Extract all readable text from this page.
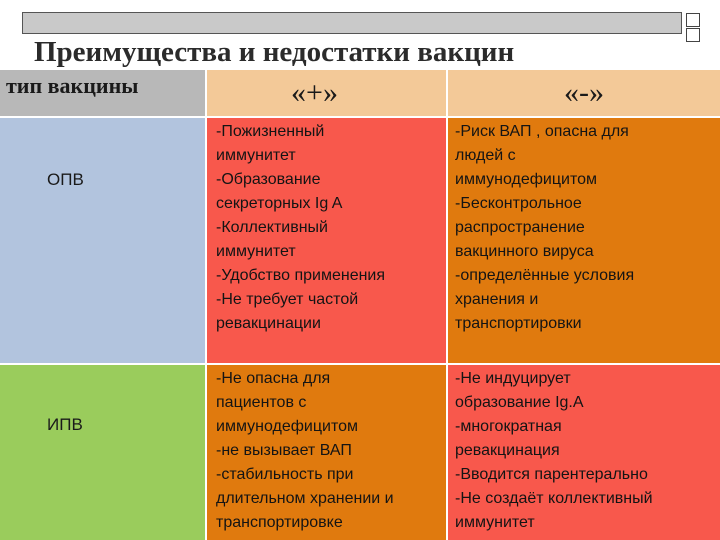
Преимущества и недостатки вакцин
тип вакцины	«+»	«-»
ОПВ
-Пожизненный
иммунитет
-Образование
секреторных Ig A
-Коллективный
иммунитет
-Удобство применения
-Не требует частой
ревакцинации
-Риск ВАП , опасна для
людей с
иммунодефицитом
-Бесконтрольное
распространение
вакцинного вируса
-определённые условия
хранения и
транспортировки
ИПВ
-Не опасна для
пациентов с
иммунодефицитом
-не вызывает ВАП
-стабильность при
длительном хранении и
транспортировке
-Не индуцирует
образование Ig.A
-многократная
ревакцинация
-Вводится парентерально
-Не создаёт коллективный
иммунитет
